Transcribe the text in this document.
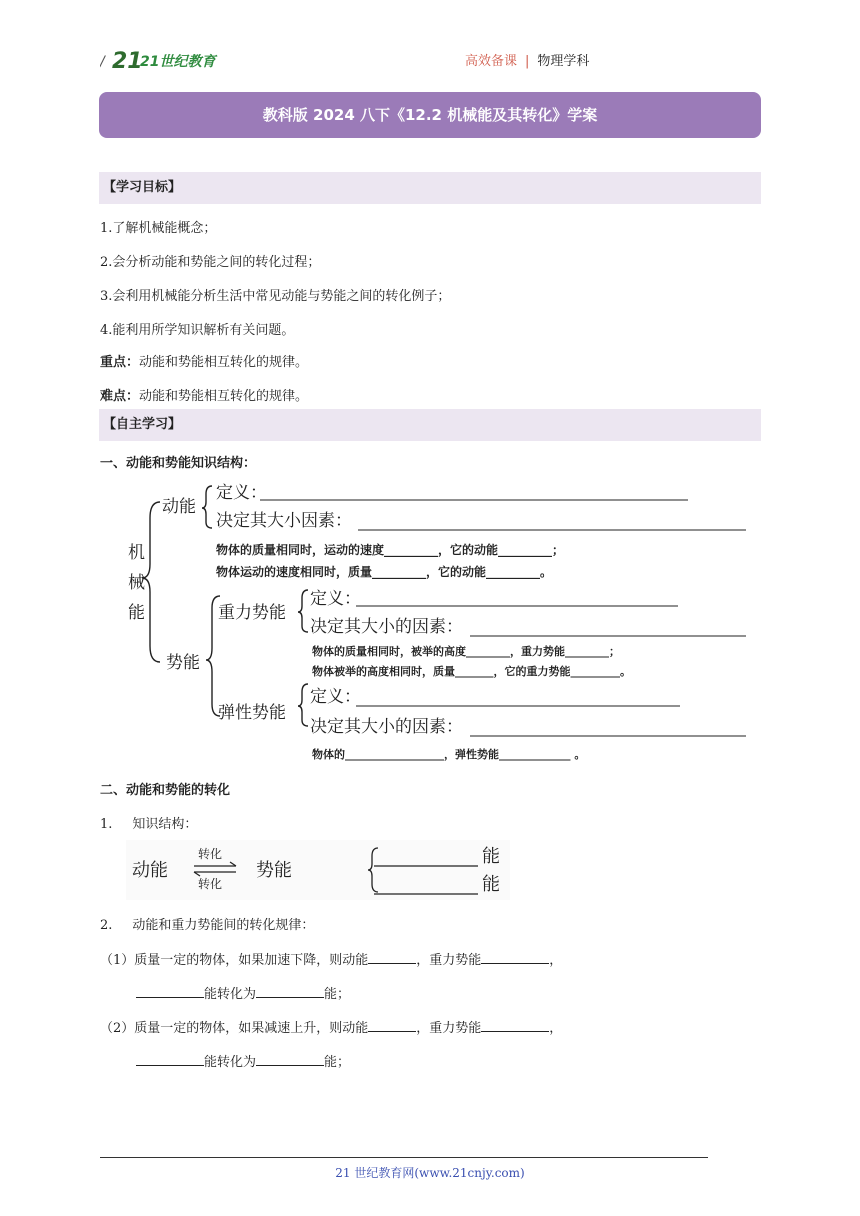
/ 21
21世纪教育	高效备课 | 物理学科
教科版 2024 八下《12.2 机械能及其转化》学案
【学习目标】
1.了解机械能概念；
2.会分析动能和势能之间的转化过程；
3.会利用机械能分析生活中常见动能与势能之间的转化例子；
4.能利用所学知识解析有关问题。
重点：动能和势能相互转化的规律。
难点：动能和势能相互转化的规律。
【自主学习】
一、动能和势能知识结构：
机
械
能
动能
势能
定义：
决定其大小因素：
重力势能
定义：
决定其大小的因素：
弹性势能
定义：
决定其大小的因素：
物体的质量相同时，运动的速度_________，它的动能_________；
物体运动的速度相同时，质量_________，它的动能_________。
物体的质量相同时，被举的高度________，重力势能________；
物体被举的高度相同时，质量_______，它的重力势能_________。
物体的__________________，弹性势能_____________ 。
二、动能和势能的转化
1. 知识结构：
动能	势能
能
能
转化
转化
2. 动能和重力势能间的转化规律：
（1）质量一定的物体，如果加速下降，则动能	，重力势能	，
能转化为	能；
（2）质量一定的物体，如果减速上升，则动能	，重力势能	，
能转化为	能；
21 世纪教育网(www.21cnjy.com)
